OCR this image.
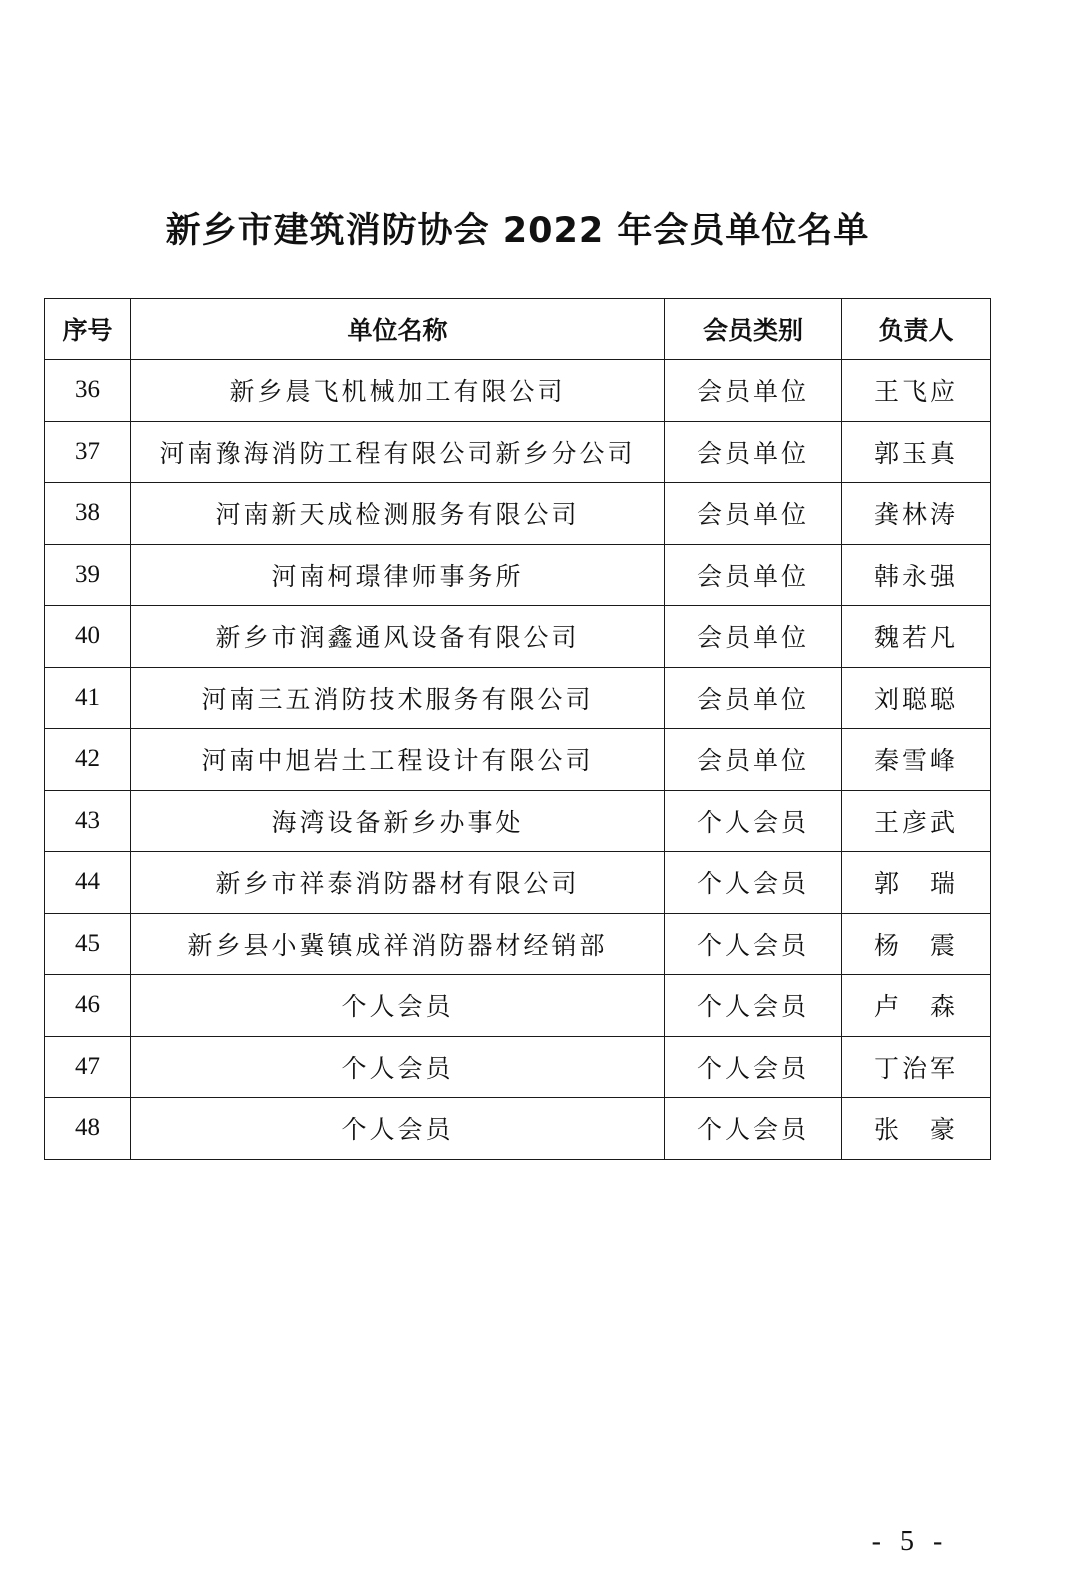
新乡市建筑消防协会 2022 年会员单位名单
序号	单位名称	会员类别	负责人
36	新乡晨飞机械加工有限公司	会员单位	王飞应
37	河南豫海消防工程有限公司新乡分公司	会员单位	郭玉真
38	河南新天成检测服务有限公司	会员单位	龚林涛
39	河南柯璟律师事务所	会员单位	韩永强
40	新乡市润鑫通风设备有限公司	会员单位	魏若凡
41	河南三五消防技术服务有限公司	会员单位	刘聪聪
42	河南中旭岩土工程设计有限公司	会员单位	秦雪峰
43	海湾设备新乡办事处	个人会员	王彦武
44	新乡市祥泰消防器材有限公司	个人会员	郭　瑞
45	新乡县小冀镇成祥消防器材经销部	个人会员	杨　震
46	个人会员	个人会员	卢　森
47	个人会员	个人会员	丁治军
48	个人会员	个人会员	张　豪
- 5 -
